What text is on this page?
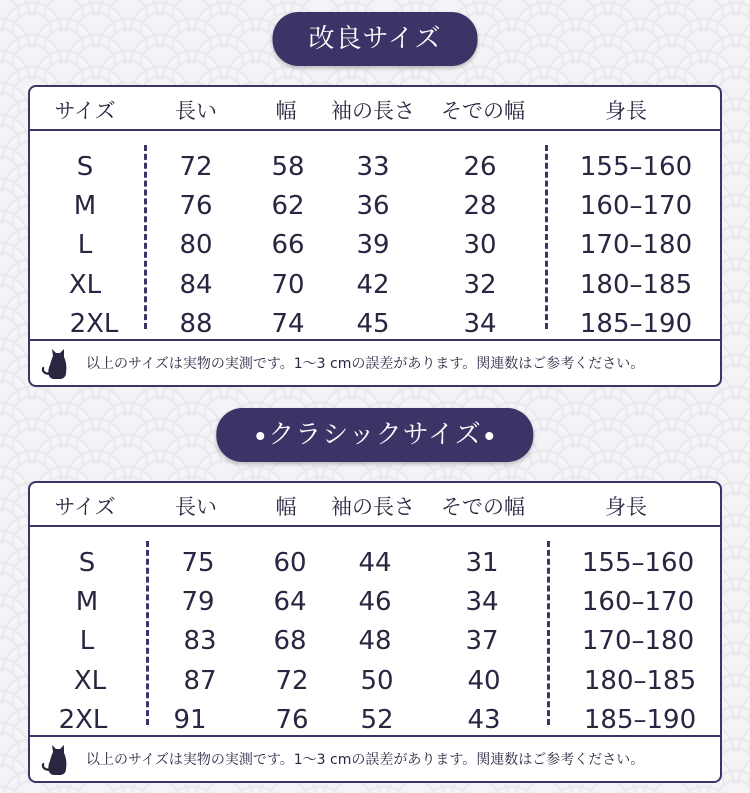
改良サイズ
サイズ	長い	幅 袖の長さ そでの幅	身長
S	72 58 33	26	155–160
M	76 62 36	28	160–170
L	80 66 39	30	170–180
XL	84 70 42	32	180–185
2XL 88 74 45	34	185–190
以上のサイズは実物の実測です。1〜3 cmの誤差があります。関連数はご参考ください。
クラシックサイズ
サイズ	長い	幅 袖の長さ そでの幅	身長
S	75 60 44	31	155–160
M	79 64 46	34	160–170
L	83 68 48	37	170–180
XL	87 72 50	40	180–185
2XL	91	76 52	43	185–190
以上のサイズは実物の実測です。1〜3 cmの誤差があります。関連数はご参考ください。
